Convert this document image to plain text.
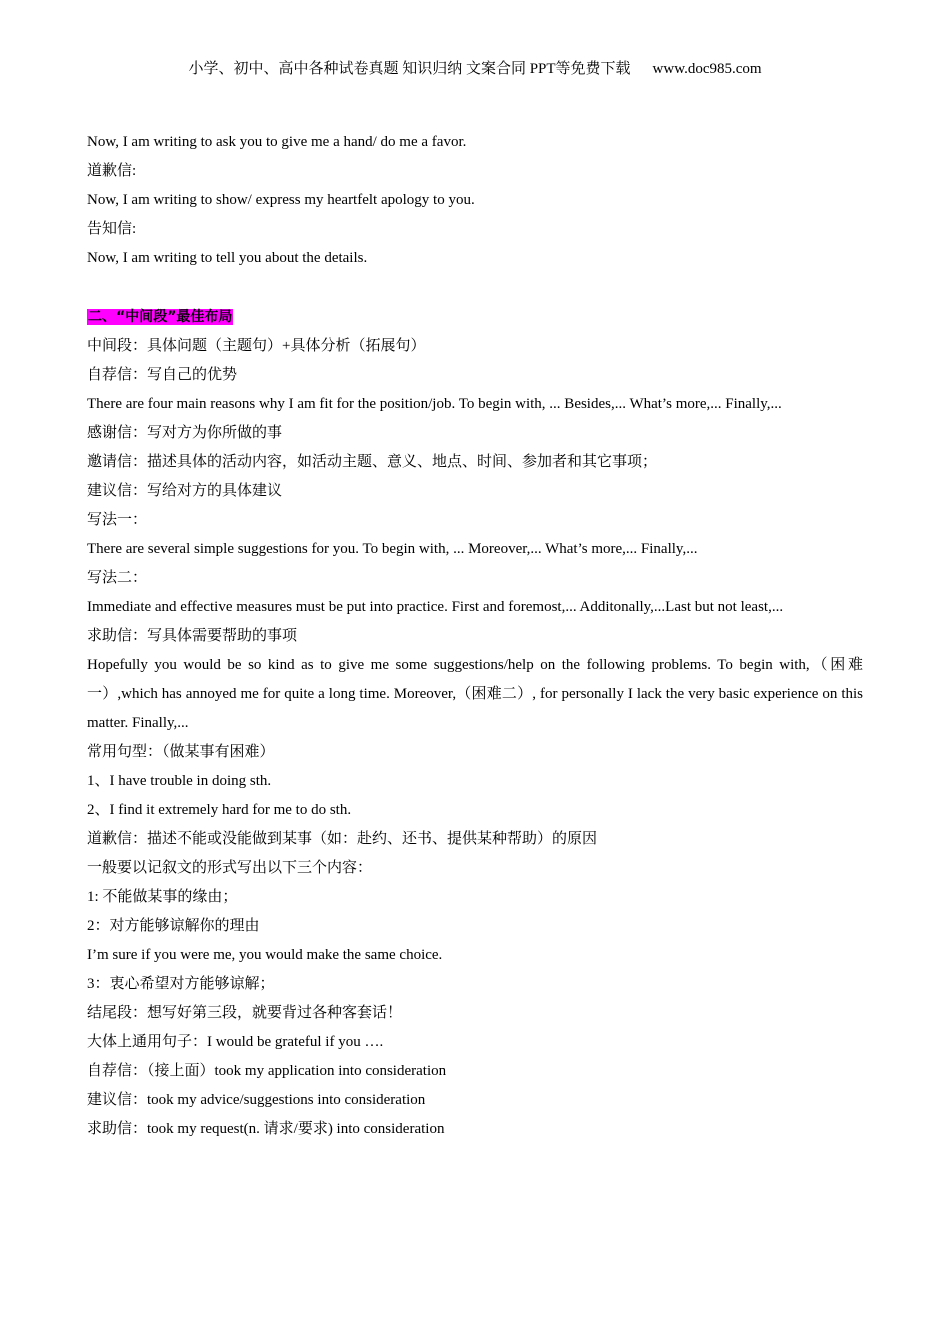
小学、初中、高中各种试卷真题 知识归纳 文案合同 PPT等免费下载 www.doc985.com

Now, I am writing to ask you to give me a hand/ do me a favor.

道歉信:

Now, I am writing to show/ express my heartfelt apology to you.

告知信:

Now, I am writing to tell you about the details.

二、“中间段”最佳布局

中间段：具体问题（主题句）+具体分析（拓展句）

自荐信：写自己的优势

There are four main reasons why I am fit for the position/job. To begin with, ... Besides,... What’s more,... Finally,...

感谢信：写对方为你所做的事

邀请信：描述具体的活动内容，如活动主题、意义、地点、时间、参加者和其它事项；

建议信：写给对方的具体建议

写法一：

There are several simple suggestions for you. To begin with, ... Moreover,... What’s more,... Finally,...

写法二：

Immediate and effective measures must be put into practice. First and foremost,... Additonally,...Last but not least,...

求助信：写具体需要帮助的事项

Hopefully you would be so kind as to give me some suggestions/help on the following problems. To begin with,（困难一）,which has annoyed me for quite a long time. Moreover,（困难二）, for personally I lack the very basic experience on this matter. Finally,...

常用句型：（做某事有困难）

1、I have trouble in doing sth.

2、I find it extremely hard for me to do sth.

道歉信：描述不能或没能做到某事（如：赴约、还书、提供某种帮助）的原因

一般要以记叙文的形式写出以下三个内容：

1: 不能做某事的缘由；

2：对方能够谅解你的理由

I’m sure if you were me, you would make the same choice.

3：衷心希望对方能够谅解；

结尾段：想写好第三段，就要背过各种客套话！

大体上通用句子：I would be grateful if you ….

自荐信：（接上面）took my application into consideration

建议信：took my advice/suggestions into consideration

求助信：took my request(n. 请求/要求) into consideration
